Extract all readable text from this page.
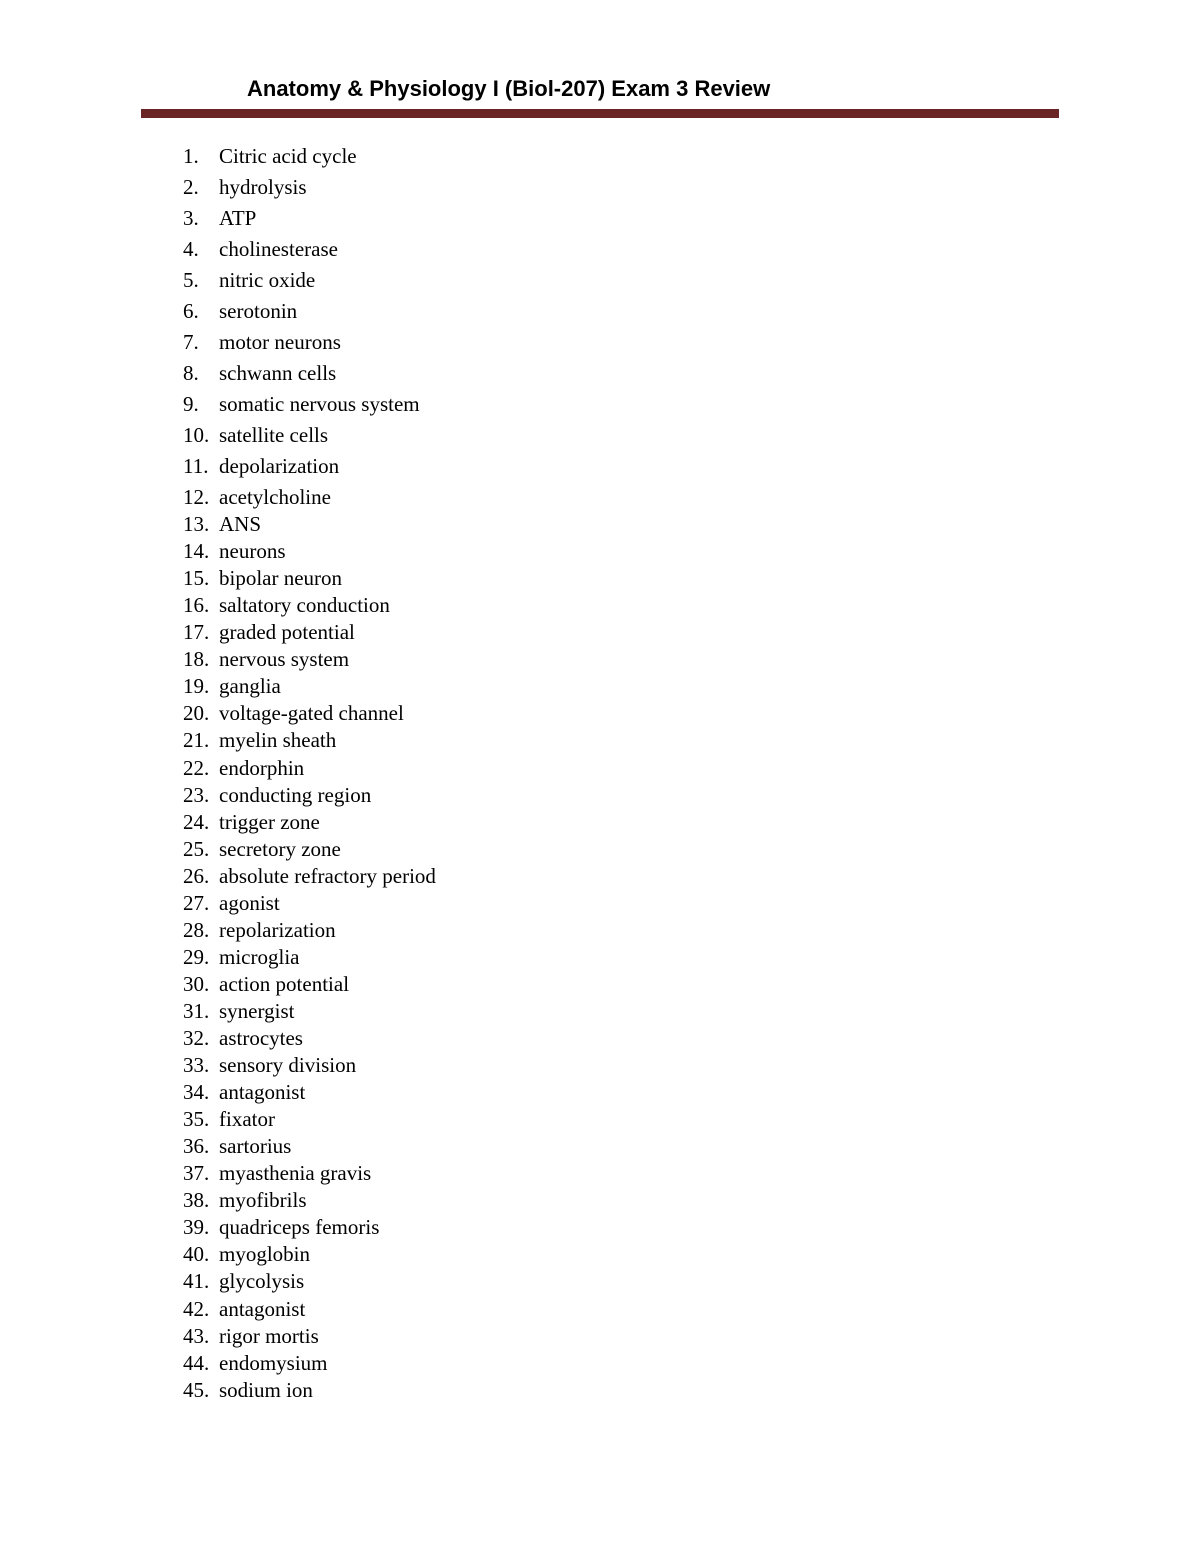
Anatomy & Physiology I (Biol-207) Exam 3 Review
1. Citric acid cycle
2. hydrolysis
3. ATP
4. cholinesterase
5. nitric oxide
6. serotonin
7. motor neurons
8. schwann cells
9. somatic nervous system
10. satellite cells
11. depolarization
12. acetylcholine
13. ANS
14. neurons
15. bipolar neuron
16. saltatory conduction
17. graded potential
18. nervous system
19. ganglia
20. voltage-gated channel
21. myelin sheath
22. endorphin
23. conducting region
24. trigger zone
25. secretory zone
26. absolute refractory period
27. agonist
28. repolarization
29. microglia
30. action potential
31. synergist
32. astrocytes
33. sensory division
34. antagonist
35. fixator
36. sartorius
37. myasthenia gravis
38. myofibrils
39. quadriceps femoris
40. myoglobin
41. glycolysis
42. antagonist
43. rigor mortis
44. endomysium
45. sodium ion
